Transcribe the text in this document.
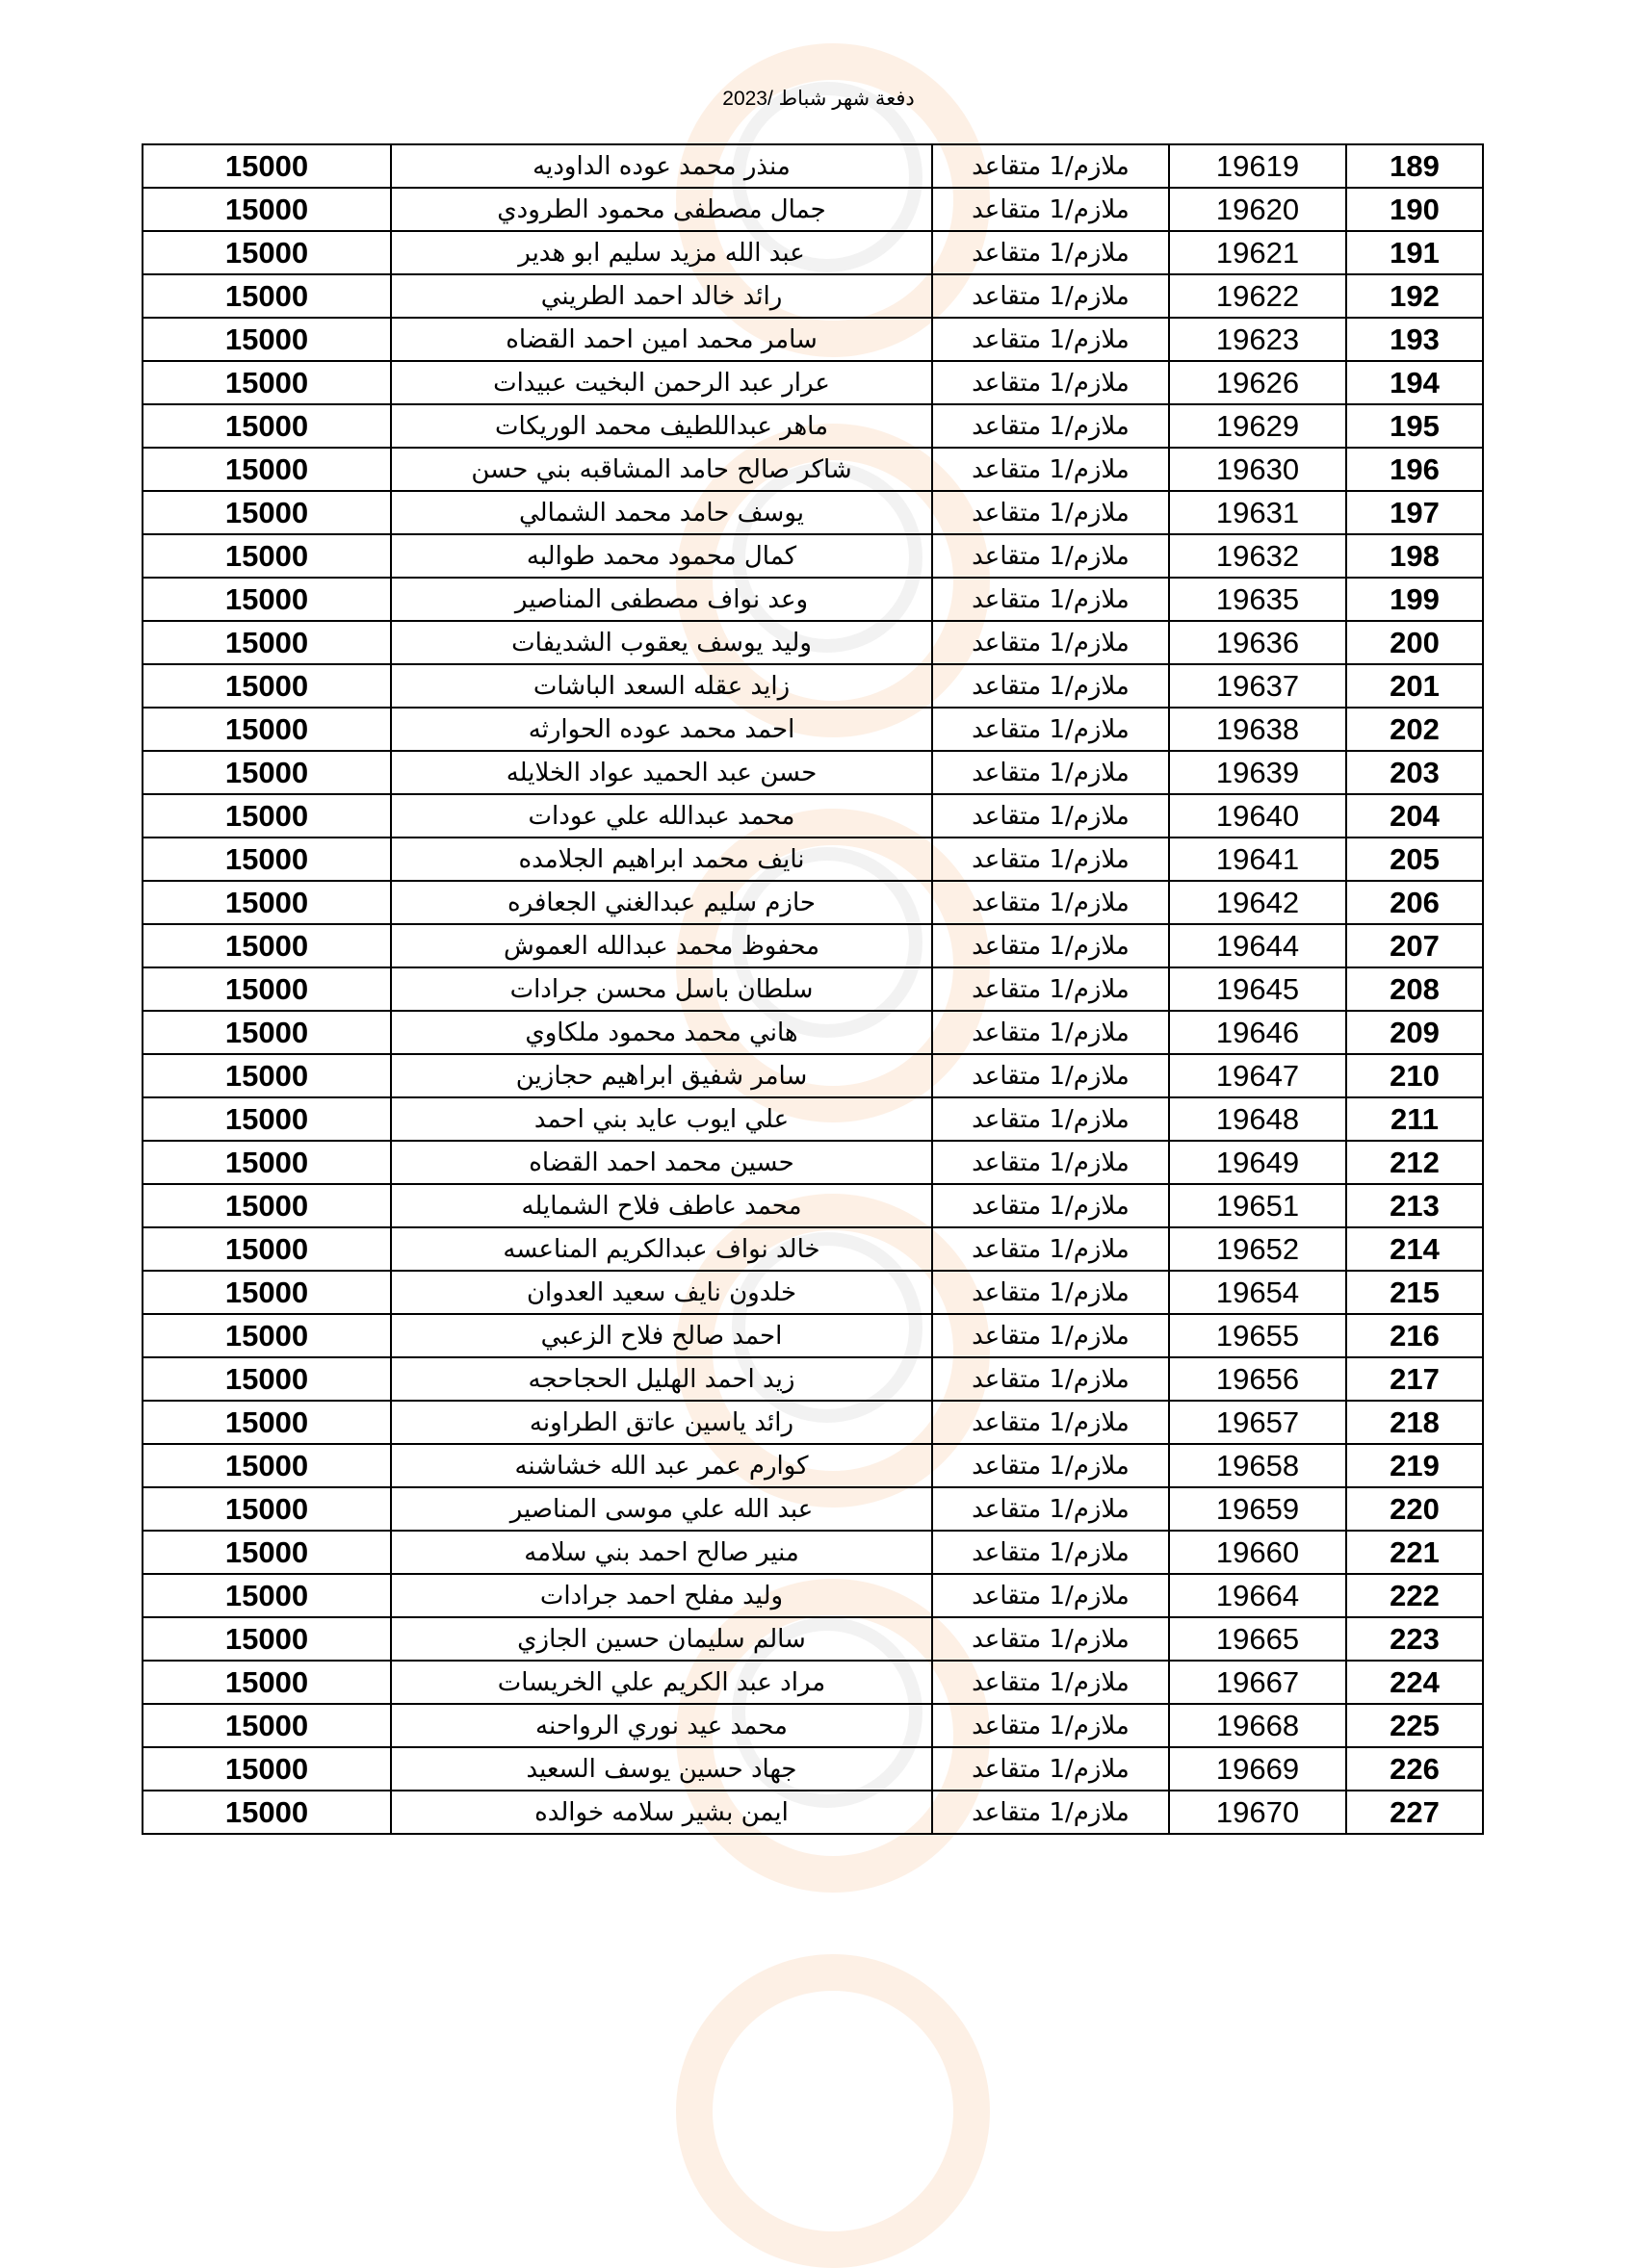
دفعة شهر شباط /2023
189	19619	ملازم/1 متقاعد	منذر محمد عوده الداوديه	15000
190	19620	ملازم/1 متقاعد	جمال مصطفى محمود الطرودي	15000
191	19621	ملازم/1 متقاعد	عبد الله مزيد سليم ابو هدير	15000
192	19622	ملازم/1 متقاعد	رائد خالد احمد الطريني	15000
193	19623	ملازم/1 متقاعد	سامر محمد امين احمد القضاه	15000
194	19626	ملازم/1 متقاعد	عرار عبد الرحمن البخيت عبيدات	15000
195	19629	ملازم/1 متقاعد	ماهر عبداللطيف محمد الوريكات	15000
196	19630	ملازم/1 متقاعد	شاكر صالح حامد المشاقبه بني حسن	15000
197	19631	ملازم/1 متقاعد	يوسف حامد محمد الشمالي	15000
198	19632	ملازم/1 متقاعد	كمال محمود محمد طوالبه	15000
199	19635	ملازم/1 متقاعد	وعد نواف مصطفى المناصير	15000
200	19636	ملازم/1 متقاعد	وليد يوسف يعقوب الشديفات	15000
201	19637	ملازم/1 متقاعد	زايد عقله السعد الباشات	15000
202	19638	ملازم/1 متقاعد	احمد محمد عوده الحوارثه	15000
203	19639	ملازم/1 متقاعد	حسن عبد الحميد عواد الخلايله	15000
204	19640	ملازم/1 متقاعد	محمد عبدالله علي عودات	15000
205	19641	ملازم/1 متقاعد	نايف محمد ابراهيم الجلامده	15000
206	19642	ملازم/1 متقاعد	حازم سليم عبدالغني الجعافره	15000
207	19644	ملازم/1 متقاعد	محفوظ محمد عبدالله العموش	15000
208	19645	ملازم/1 متقاعد	سلطان باسل محسن جرادات	15000
209	19646	ملازم/1 متقاعد	هاني محمد محمود ملكاوي	15000
210	19647	ملازم/1 متقاعد	سامر شفيق ابراهيم حجازين	15000
211	19648	ملازم/1 متقاعد	علي ايوب عايد بني احمد	15000
212	19649	ملازم/1 متقاعد	حسين محمد احمد القضاه	15000
213	19651	ملازم/1 متقاعد	محمد عاطف فلاح الشمايله	15000
214	19652	ملازم/1 متقاعد	خالد نواف عبدالكريم المناعسه	15000
215	19654	ملازم/1 متقاعد	خلدون نايف سعيد العدوان	15000
216	19655	ملازم/1 متقاعد	احمد صالح فلاح الزعبي	15000
217	19656	ملازم/1 متقاعد	زيد احمد الهليل الحجاحجه	15000
218	19657	ملازم/1 متقاعد	رائد ياسين عاتق الطراونه	15000
219	19658	ملازم/1 متقاعد	كوارم عمر عبد الله خشاشنه	15000
220	19659	ملازم/1 متقاعد	عبد الله علي موسى المناصير	15000
221	19660	ملازم/1 متقاعد	منير صالح احمد بني سلامه	15000
222	19664	ملازم/1 متقاعد	وليد مفلح احمد جرادات	15000
223	19665	ملازم/1 متقاعد	سالم سليمان حسين الجازي	15000
224	19667	ملازم/1 متقاعد	مراد عبد الكريم علي الخريسات	15000
225	19668	ملازم/1 متقاعد	محمد عيد نوري الرواحنه	15000
226	19669	ملازم/1 متقاعد	جهاد حسين يوسف السعيد	15000
227	19670	ملازم/1 متقاعد	ايمن بشير سلامه خوالده	15000
